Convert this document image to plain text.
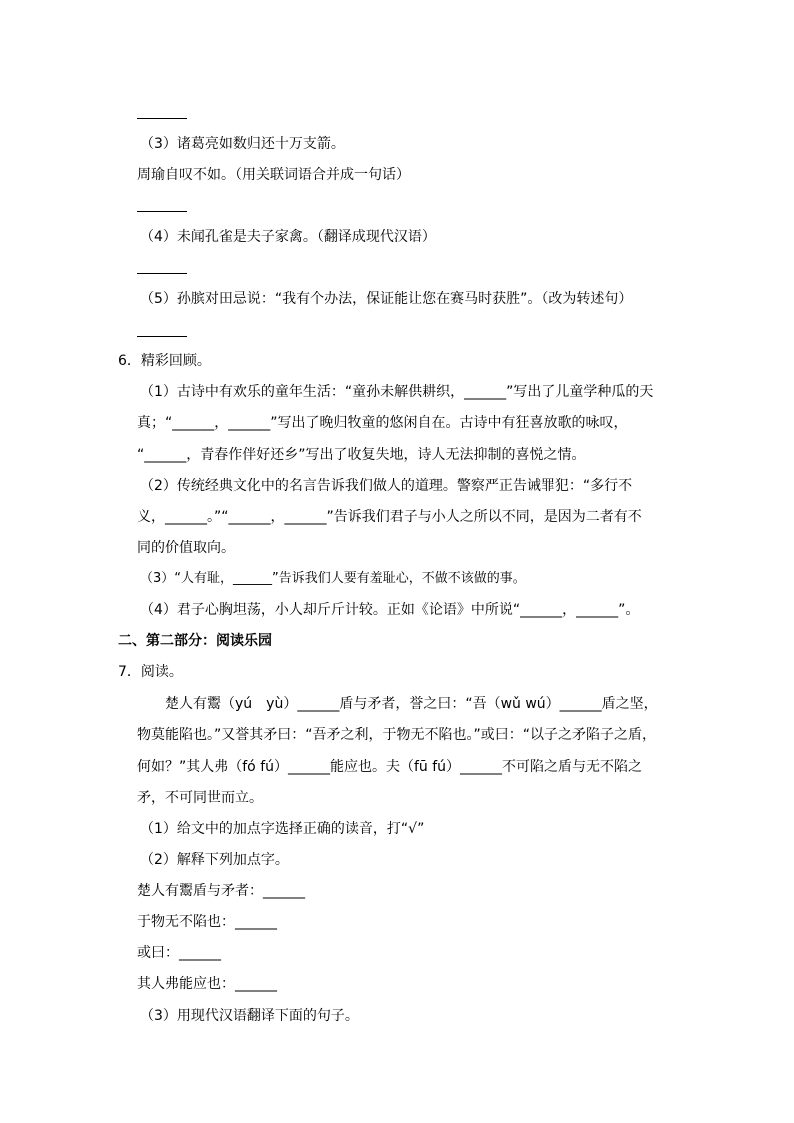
（3）诸葛亮如数归还十万支箭。
周瑜自叹不如。（用关联词语合并成一句话）
（4）未闻孔雀是夫子家禽。（翻译成现代汉语）
（5）孙膑对田忌说：“我有个办法，保证能让您在赛马时获胜”。（改为转述句）
6．精彩回顾。
（1）古诗中有欢乐的童年生活：“童孙未解供耕织，______”写出了儿童学种瓜的天
真；“______，______”写出了晚归牧童的悠闲自在。古诗中有狂喜放歌的咏叹，
“______，青春作伴好还乡”写出了收复失地，诗人无法抑制的喜悦之情。
（2）传统经典文化中的名言告诉我们做人的道理。警察严正告诫罪犯：“多行不
义，______。”“______，______”告诉我们君子与小人之所以不同，是因为二者有不
同的价值取向。
（3）“人有耻，______”告诉我们人要有羞耻心，不做不该做的事。
（4）君子心胸坦荡，小人却斤斤计较。正如《论语》中所说“______，______”。
二、第二部分：阅读乐园
7．阅读。
楚人有鬻（yú　yù）______盾与矛者，誉之曰：“吾（wǔ wú）______盾之坚，
物莫能陷也。”又誉其矛曰：“吾矛之利，于物无不陷也。”或曰：“以子之矛陷子之盾，
何如？”其人弗（fó fú）______能应也。夫（fū fú）______不可陷之盾与无不陷之
矛，不可同世而立。
（1）给文中的加点字选择正确的读音，打“√”
（2）解释下列加点字。
楚人有鬻盾与矛者：______
于物无不陷也：______
或曰：______
其人弗能应也：______
（3）用现代汉语翻译下面的句子。
